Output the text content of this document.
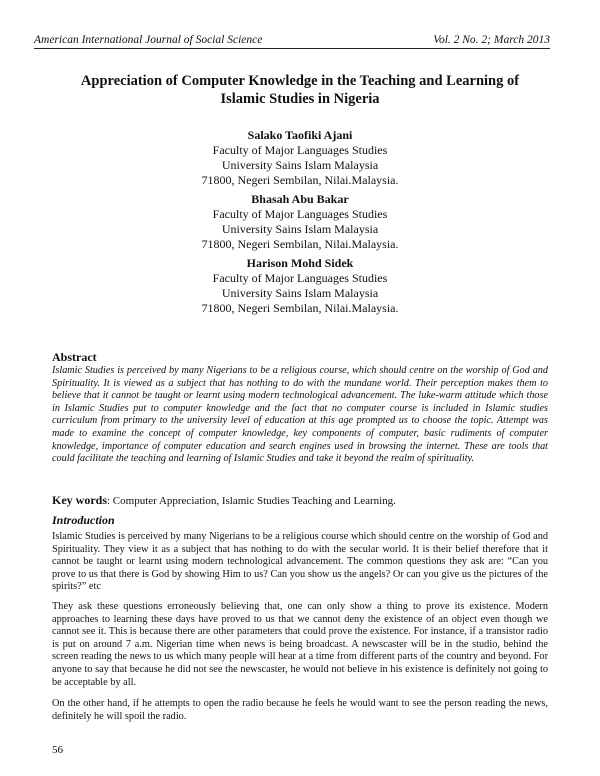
American International Journal of Social Science	Vol. 2 No. 2; March 2013
Appreciation of Computer Knowledge in the Teaching and Learning of Islamic Studies in Nigeria
Salako Taofiki Ajani
Faculty of Major Languages Studies
University Sains Islam Malaysia
71800, Negeri Sembilan, Nilai.Malaysia.
Bhasah Abu Bakar
Faculty of Major Languages Studies
University Sains Islam Malaysia
71800, Negeri Sembilan, Nilai.Malaysia.
Harison Mohd Sidek
Faculty of Major Languages Studies
University Sains Islam Malaysia
71800, Negeri Sembilan, Nilai.Malaysia.
Abstract
Islamic Studies is perceived by many Nigerians to be a religious course, which should centre on the worship of God and Spirituality. It is viewed as a subject that has nothing to do with the mundane world. Their perception makes them to believe that it cannot be taught or learnt using modern technological advancement. The luke-warm attitude which those in Islamic Studies put to computer knowledge and the fact that no computer course is included in Islamic studies curriculum from primary to the university level of education at this age prompted us to choose the topic. Attempt was made to examine the concept of computer knowledge, key components of computer, basic rudiments of computer knowledge, importance of computer education and search engines used in browsing the internet. These are tools that could facilitate the teaching and learning of Islamic Studies and take it beyond the realm of spirituality.
Key words: Computer Appreciation, Islamic Studies Teaching and Learning.
Introduction
Islamic Studies is perceived by many Nigerians to be a religious course which should centre on the worship of God and Spirituality. They view it as a subject that has nothing to do with the secular world. It is their belief therefore that it cannot be taught or learnt using modern technological advancement. The common questions they ask are: “Can you prove to us that there is God by showing Him to us? Can you show us the angels? Or can you give us the pictures of the spirits?” etc
They ask these questions erroneously believing that, one can only show a thing to prove its existence. Modern approaches to learning these days have proved to us that we cannot deny the existence of an object even though we cannot see it. This is because there are other parameters that could prove the existence. For instance, if a transistor radio is put on around 7 a.m. Nigerian time when news is being broadcast. A newscaster will be in the studio, behind the screen reading the news to us which many people will hear at a time from different parts of the country and beyond. For anyone to say that because he did not see the newscaster, he would not believe in his existence is definitely not going to be acceptable by all.
On the other hand, if he attempts to open the radio because he feels he would want to see the person reading the news, definitely he will spoil the radio.
56
